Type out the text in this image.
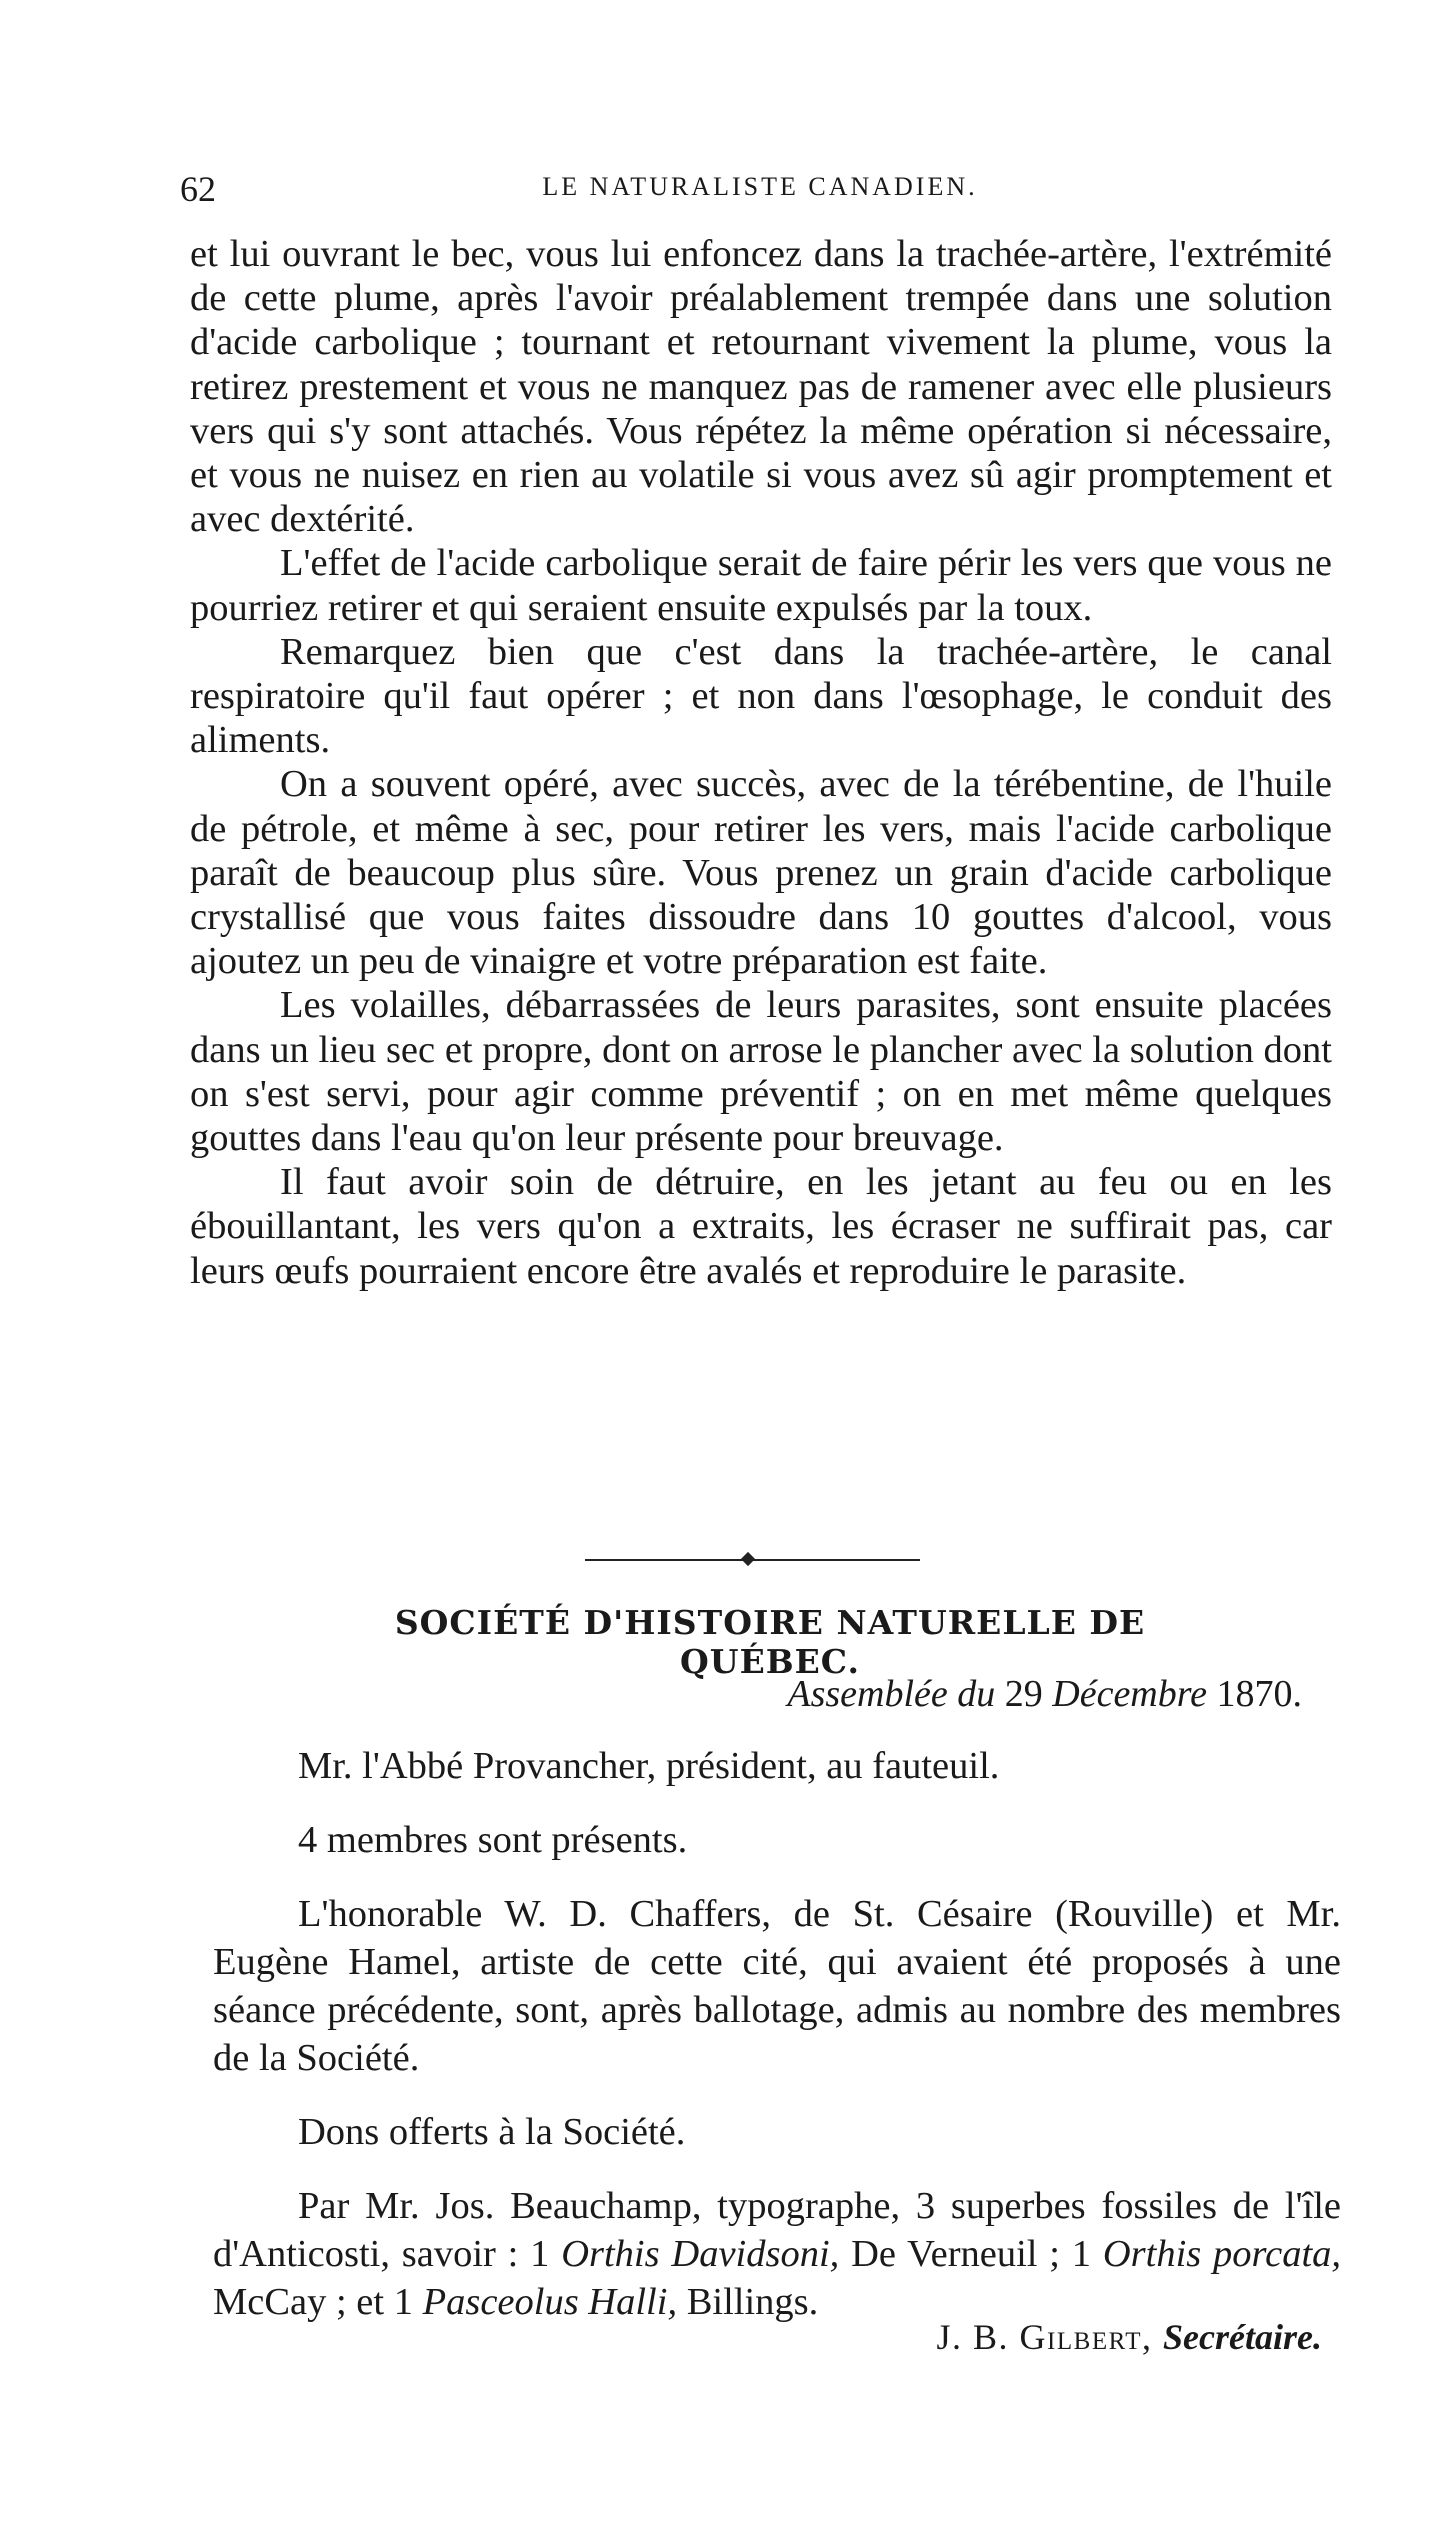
62	LE NATURALISTE CANADIEN.

et lui ouvrant le bec, vous lui enfoncez dans la trachée-artère, l'extrémité de cette plume, après l'avoir préalablement trempée dans une solution d'acide carbolique ; tournant et retournant vivement la plume, vous la retirez prestement et vous ne manquez pas de ramener avec elle plusieurs vers qui s'y sont attachés. Vous répétez la même opération si nécessaire, et vous ne nuisez en rien au volatile si vous avez sû agir promptement et avec dextérité.

L'effet de l'acide carbolique serait de faire périr les vers que vous ne pourriez retirer et qui seraient ensuite expulsés par la toux.

Remarquez bien que c'est dans la trachée-artère, le canal respiratoire qu'il faut opérer ; et non dans l'œsophage, le conduit des aliments.

On a souvent opéré, avec succès, avec de la térébentine, de l'huile de pétrole, et même à sec, pour retirer les vers, mais l'acide carbolique paraît de beaucoup plus sûre. Vous prenez un grain d'acide carbolique crystallisé que vous faites dissoudre dans 10 gouttes d'alcool, vous ajoutez un peu de vinaigre et votre préparation est faite.

Les volailles, débarrassées de leurs parasites, sont ensuite placées dans un lieu sec et propre, dont on arrose le plancher avec la solution dont on s'est servi, pour agir comme préventif ; on en met même quelques gouttes dans l'eau qu'on leur présente pour breuvage.

Il faut avoir soin de détruire, en les jetant au feu ou en les ébouillantant, les vers qu'on a extraits, les écraser ne suffirait pas, car leurs œufs pourraient encore être avalés et reproduire le parasite.

SOCIÉTÉ D'HISTOIRE NATURELLE DE QUÉBEC.
Assemblée du 29 Décembre 1870.

Mr. l'Abbé Provancher, président, au fauteuil.

4 membres sont présents.

L'honorable W. D. Chaffers, de St. Césaire (Rouville) et Mr. Eugène Hamel, artiste de cette cité, qui avaient été proposés à une séance précédente, sont, après ballotage, admis au nombre des membres de la Société.

Dons offerts à la Société.

Par Mr. Jos. Beauchamp, typographe, 3 superbes fossiles de l'île d'Anticosti, savoir : 1 Orthis Davidsoni, De Verneuil ; 1 Orthis porcata, McCay ; et 1 Pasceolus Halli, Billings.

J. B. Gilbert, Secrétaire.
